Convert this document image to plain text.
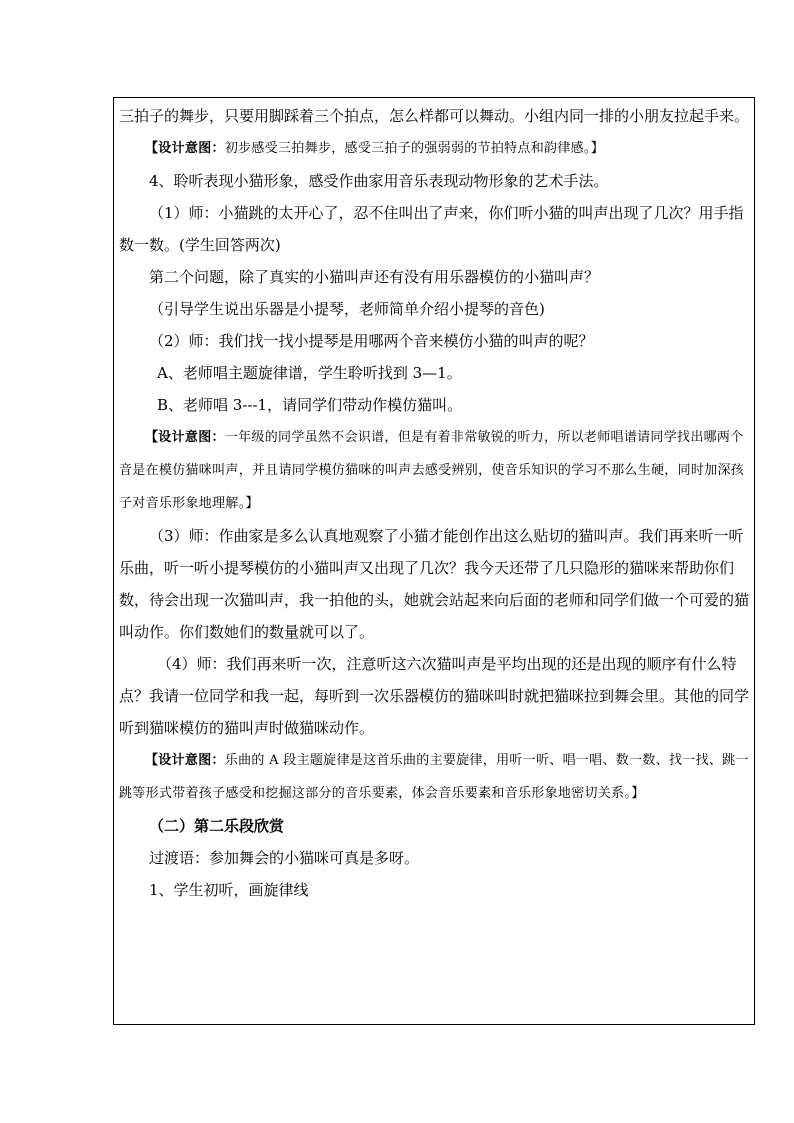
三拍子的舞步，只要用脚踩着三个拍点，怎么样都可以舞动。小组内同一排的小朋友拉起手来。

【设计意图：初步感受三拍舞步，感受三拍子的强弱弱的节拍特点和韵律感。】

4、聆听表现小猫形象，感受作曲家用音乐表现动物形象的艺术手法。

（1）师：小猫跳的太开心了，忍不住叫出了声来，你们听小猫的叫声出现了几次？用手指数一数。(学生回答两次)

第二个问题，除了真实的小猫叫声还有没有用乐器模仿的小猫叫声？

（引导学生说出乐器是小提琴，老师简单介绍小提琴的音色)

（2）师：我们找一找小提琴是用哪两个音来模仿小猫的叫声的呢？

A、老师唱主题旋律谱，学生聆听找到 3—1。

B、老师唱 3---1，请同学们带动作模仿猫叫。

【设计意图：一年级的同学虽然不会识谱，但是有着非常敏锐的听力，所以老师唱谱请同学找出哪两个音是在模仿猫咪叫声，并且请同学模仿猫咪的叫声去感受辨别，使音乐知识的学习不那么生硬，同时加深孩子对音乐形象地理解。】

（3）师：作曲家是多么认真地观察了小猫才能创作出这么贴切的猫叫声。我们再来听一听乐曲，听一听小提琴模仿的小猫叫声又出现了几次？我今天还带了几只隐形的猫咪来帮助你们数，待会出现一次猫叫声，我一拍他的头，她就会站起来向后面的老师和同学们做一个可爱的猫叫动作。你们数她们的数量就可以了。

（4）师：我们再来听一次，注意听这六次猫叫声是平均出现的还是出现的顺序有什么特点？我请一位同学和我一起，每听到一次乐器模仿的猫咪叫时就把猫咪拉到舞会里。其他的同学听到猫咪模仿的猫叫声时做猫咪动作。

【设计意图：乐曲的 A 段主题旋律是这首乐曲的主要旋律，用听一听、唱一唱、数一数、找一找、跳一跳等形式带着孩子感受和挖掘这部分的音乐要素，体会音乐要素和音乐形象地密切关系。】

（二）第二乐段欣赏

过渡语：参加舞会的小猫咪可真是多呀。

1、学生初听，画旋律线
